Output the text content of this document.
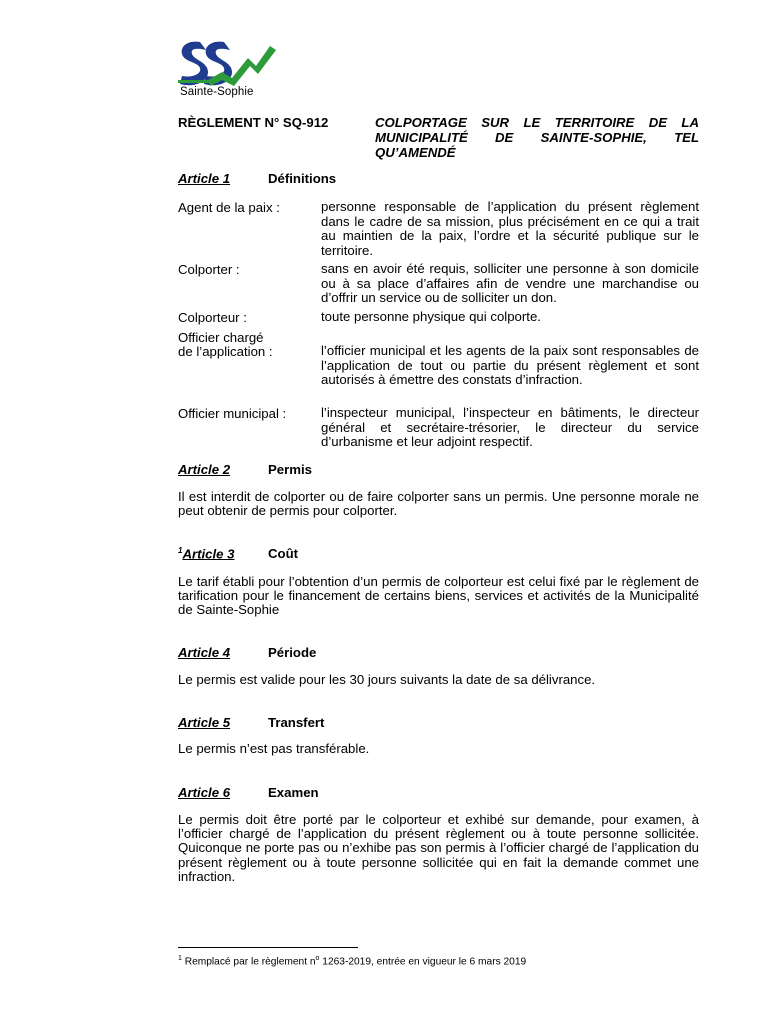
Sainte-Sophie
RÈGLEMENT N° SQ-912	COLPORTAGE SUR LE TERRITOIRE DE LA MUNICIPALITÉ DE SAINTE-SOPHIE, TEL QU’AMENDÉ
Article 1	Définitions
Agent de la paix :	personne responsable de l’application du présent règlement dans le cadre de sa mission, plus précisément en ce qui a trait au maintien de la paix, l’ordre et la sécurité publique sur le territoire.
Colporter :	sans en avoir été requis, solliciter une personne à son domicile ou à sa place d’affaires afin de vendre une marchandise ou d’offrir un service ou de solliciter un don.
Colporteur :	toute personne physique qui colporte.
Officier chargé
de l’application :	l’officier municipal et les agents de la paix sont responsables de l’application de tout ou partie du présent règlement et sont autorisés à émettre des constats d’infraction.
Officier municipal :	l’inspecteur municipal, l’inspecteur en bâtiments, le directeur général et secrétaire-trésorier, le directeur du service d’urbanisme et leur adjoint respectif.
Article 2	Permis
Il est interdit de colporter ou de faire colporter sans un permis. Une personne morale ne peut obtenir de permis pour colporter.
$^1$Article 3	Coût
Le tarif établi pour l’obtention d’un permis de colporteur est celui fixé par le règlement de tarification pour le financement de certains biens, services et activités de la Municipalité de Sainte-Sophie
Article 4	Période
Le permis est valide pour les 30 jours suivants la date de sa délivrance.
Article 5	Transfert
Le permis n’est pas transférable.
Article 6	Examen
Le permis doit être porté par le colporteur et exhibé sur demande, pour examen, à l’officier chargé de l’application du présent règlement ou à toute personne sollicitée. Quiconque ne porte pas ou n’exhibe pas son permis à l’officier chargé de l’application du présent règlement ou à toute personne sollicitée qui en fait la demande commet une infraction.
$^1$ Remplacé par le règlement n$^o$ 1263-2019, entrée en vigueur le 6 mars 2019
